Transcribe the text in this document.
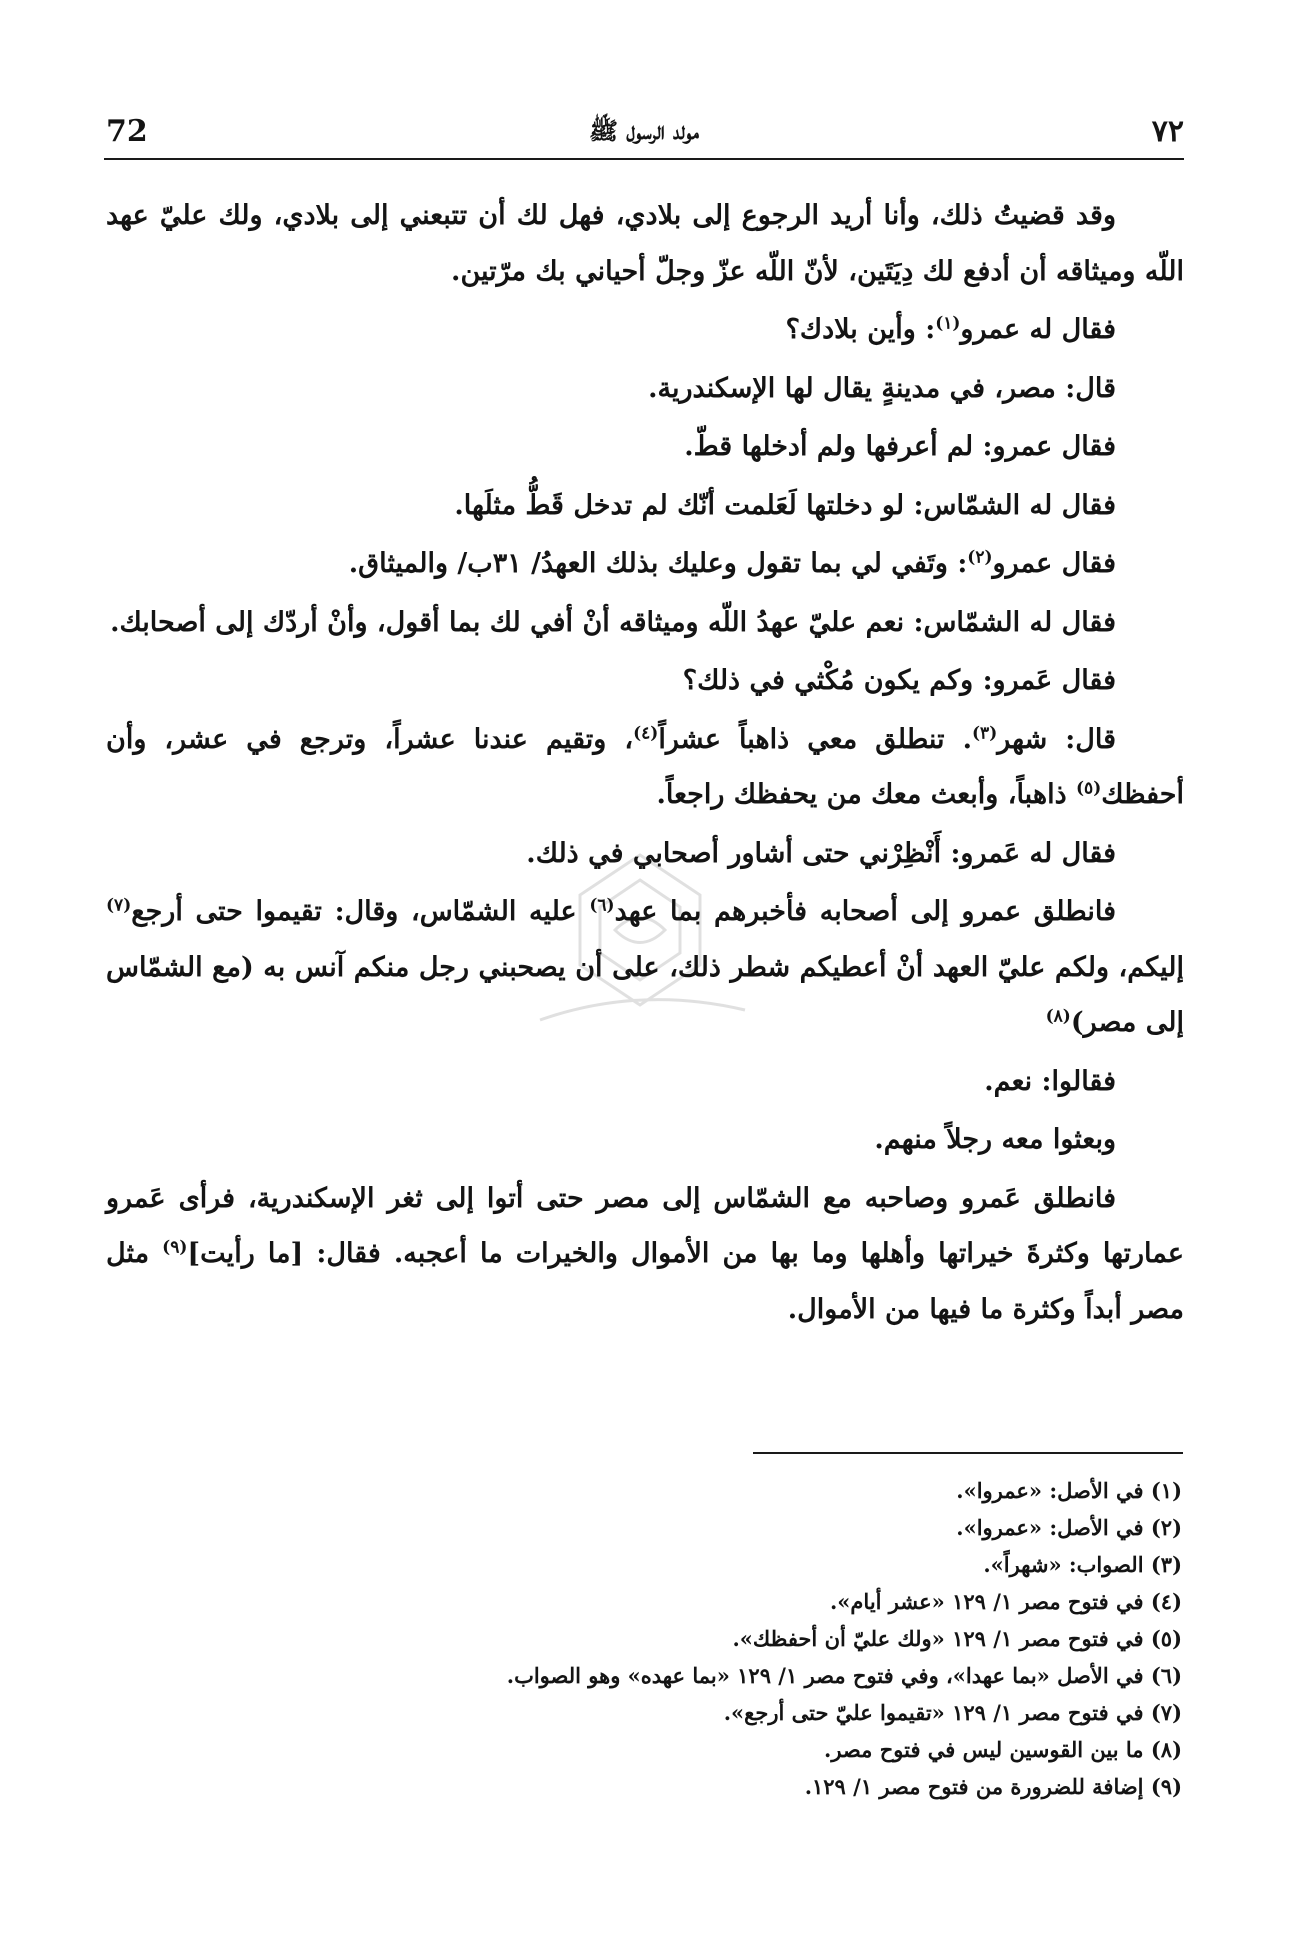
٧٢
مولد الرسول ﷺ
72

وقد قضيتُ ذلك، وأنا أريد الرجوع إلى بلادي، فهل لك أن تتبعني إلى بلادي، ولك عليّ عهد اللّه وميثاقه أن أدفع لك دِيَتَين، لأنّ اللّه عزّ وجلّ أحياني بك مرّتين.

فقال له عمرو$^{(١)}$: وأين بلادك؟

قال: مصر، في مدينةٍ يقال لها الإسكندرية.

فقال عمرو: لم أعرفها ولم أدخلها قطّ.

فقال له الشمّاس: لو دخلتها لَعَلمت أنّك لم تدخل قَطُّ مثلَها.

فقال عمرو$^{(٢)}$: وتَفي لي بما تقول وعليك بذلك العهدُ/ ٣١ب/ والميثاق.

فقال له الشمّاس: نعم عليّ عهدُ اللّه وميثاقه أنْ أفي لك بما أقول، وأنْ أردّك إلى أصحابك.

فقال عَمرو: وكم يكون مُكْثي في ذلك؟

قال: شهر$^{(٣)}$. تنطلق معي ذاهباً عشراً$^{(٤)}$، وتقيم عندنا عشراً، وترجع في عشر، وأن أحفظك$^{(٥)}$ ذاهباً، وأبعث معك من يحفظك راجعاً.

فقال له عَمرو: أَنْظِرْني حتى أشاور أصحابي في ذلك.

فانطلق عمرو إلى أصحابه فأخبرهم بما عهد$^{(٦)}$ عليه الشمّاس، وقال: تقيموا حتى أرجع$^{(٧)}$ إليكم، ولكم عليّ العهد أنْ أعطيكم شطر ذلك، على أن يصحبني رجل منكم آنس به (مع الشمّاس إلى مصر)$^{(٨)}$

فقالوا: نعم.

وبعثوا معه رجلاً منهم.

فانطلق عَمرو وصاحبه مع الشمّاس إلى مصر حتى أتوا إلى ثغر الإسكندرية، فرأى عَمرو عمارتها وكثرةَ خيراتها وأهلها وما بها من الأموال والخيرات ما أعجبه. فقال: [ما رأيت]$^{(٩)}$ مثل مصر أبداً وكثرة ما فيها من الأموال.

(١) في الأصل: «عمروا».
(٢) في الأصل: «عمروا».
(٣) الصواب: «شهراً».
(٤) في فتوح مصر ١/ ١٢٩ «عشر أيام».
(٥) في فتوح مصر ١/ ١٢٩ «ولك عليّ أن أحفظك».
(٦) في الأصل «بما عهدا»، وفي فتوح مصر ١/ ١٢٩ «بما عهده» وهو الصواب.
(٧) في فتوح مصر ١/ ١٢٩ «تقيموا عليّ حتى أرجع».
(٨) ما بين القوسين ليس في فتوح مصر.
(٩) إضافة للضرورة من فتوح مصر ١/ ١٢٩.
